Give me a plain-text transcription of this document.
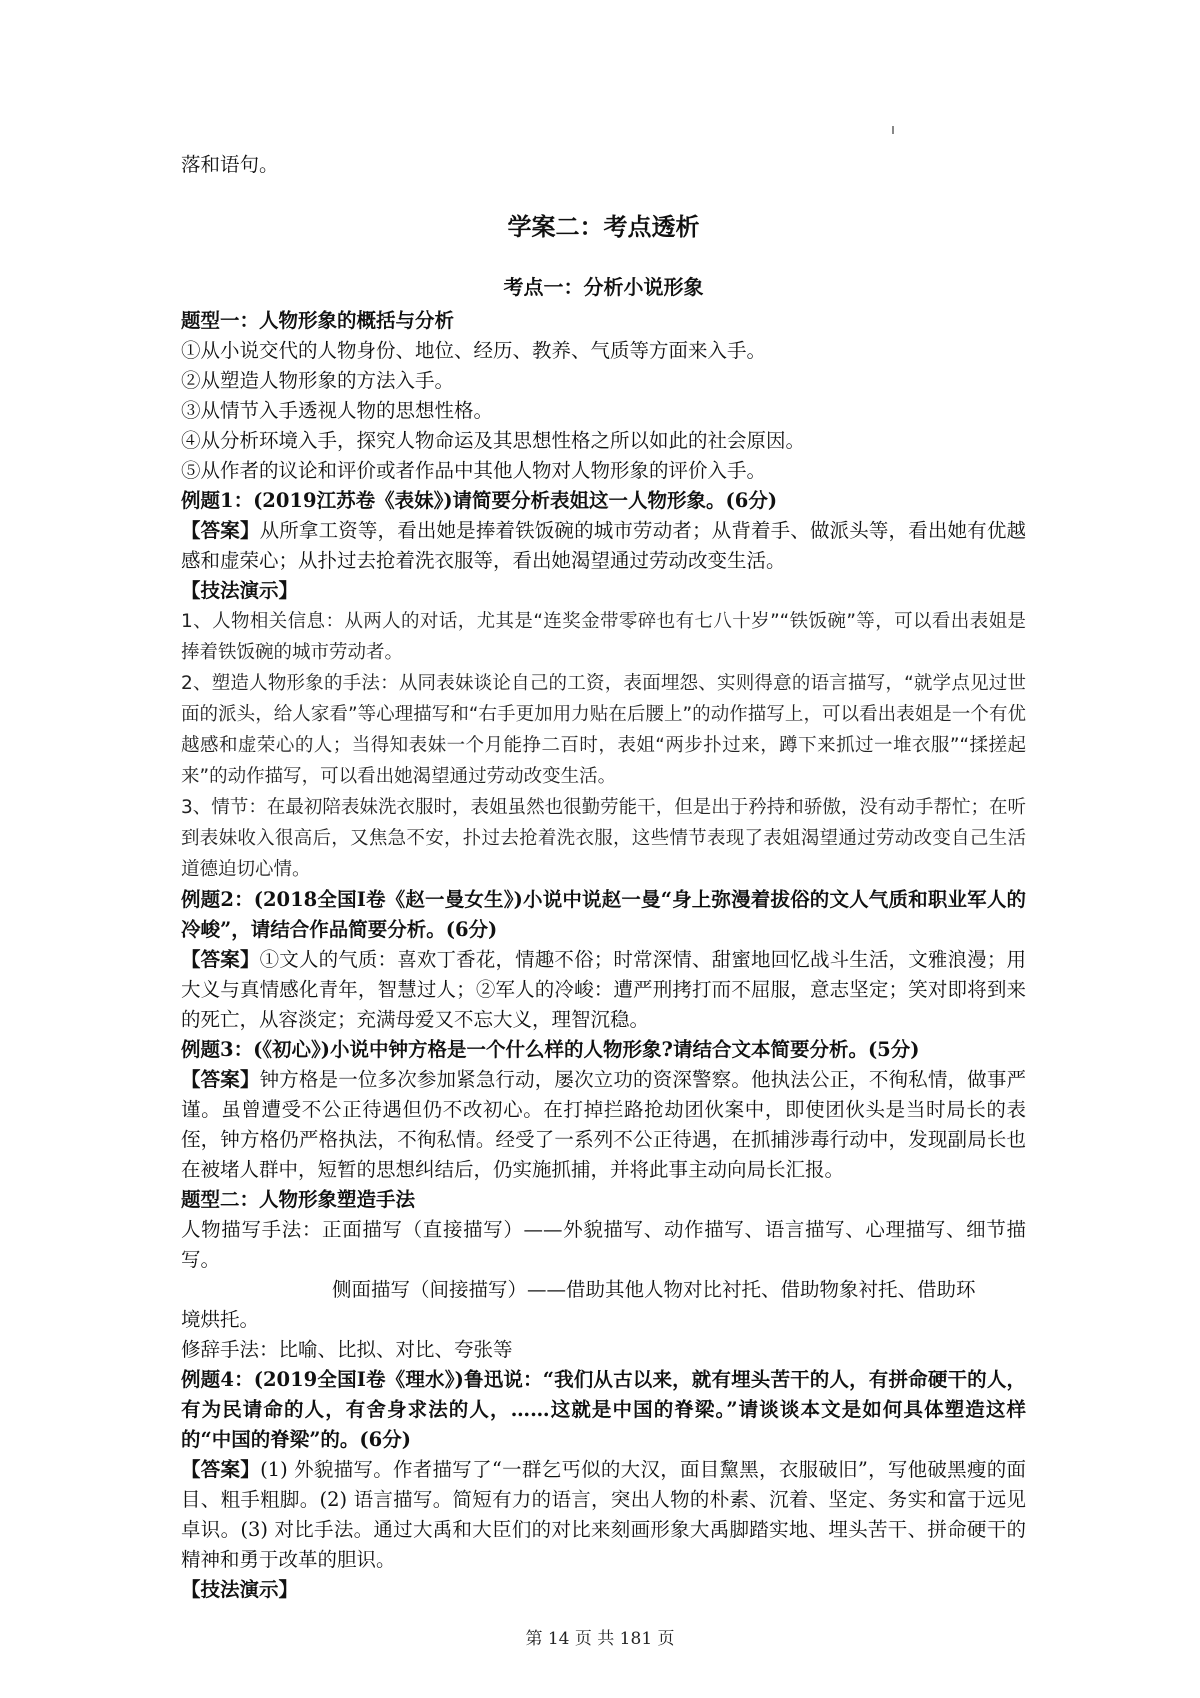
落和语句。

学案二：考点透析
考点一：分析小说形象

题型一：人物形象的概括与分析

①从小说交代的人物身份、地位、经历、教养、气质等方面来入手。

②从塑造人物形象的方法入手。

③从情节入手透视人物的思想性格。

④从分析环境入手，探究人物命运及其思想性格之所以如此的社会原因。

⑤从作者的议论和评价或者作品中其他人物对人物形象的评价入手。

例题1：(2019江苏卷《表妹》)请简要分析表姐这一人物形象。(6分)

【答案】从所拿工资等，看出她是捧着铁饭碗的城市劳动者；从背着手、做派头等，看出她有优越感和虚荣心；从扑过去抢着洗衣服等，看出她渴望通过劳动改变生活。

【技法演示】

1、人物相关信息：从两人的对话，尤其是“连奖金带零碎也有七八十岁”“铁饭碗”等，可以看出表姐是捧着铁饭碗的城市劳动者。

2、塑造人物形象的手法：从同表妹谈论自己的工资，表面埋怨、实则得意的语言描写，“就学点见过世面的派头，给人家看”等心理描写和“右手更加用力贴在后腰上”的动作描写上，可以看出表姐是一个有优越感和虚荣心的人；当得知表妹一个月能挣二百时，表姐“两步扑过来，蹲下来抓过一堆衣服”“揉搓起来”的动作描写，可以看出她渴望通过劳动改变生活。

3、情节：在最初陪表妹洗衣服时，表姐虽然也很勤劳能干，但是出于矜持和骄傲，没有动手帮忙；在听到表妹收入很高后，又焦急不安，扑过去抢着洗衣服，这些情节表现了表姐渴望通过劳动改变自己生活道德迫切心情。

例题2：(2018全国Ⅰ卷《赵一曼女生》)小说中说赵一曼“身上弥漫着拔俗的文人气质和职业军人的冷峻”，请结合作品简要分析。(6分)

【答案】①文人的气质：喜欢丁香花，情趣不俗；时常深情、甜蜜地回忆战斗生活，文雅浪漫；用大义与真情感化青年，智慧过人；②军人的冷峻：遭严刑拷打而不屈服，意志坚定；笑对即将到来的死亡，从容淡定；充满母爱又不忘大义，理智沉稳。

例题3：(《初心》)小说中钟方格是一个什么样的人物形象?请结合文本简要分析。(5分)

【答案】钟方格是一位多次参加紧急行动，屡次立功的资深警察。他执法公正，不徇私情，做事严谨。虽曾遭受不公正待遇但仍不改初心。在打掉拦路抢劫团伙案中，即使团伙头是当时局长的表侄，钟方格仍严格执法，不徇私情。经受了一系列不公正待遇，在抓捕涉毒行动中，发现副局长也在被堵人群中，短暂的思想纠结后，仍实施抓捕，并将此事主动向局长汇报。

题型二：人物形象塑造手法

人物描写手法：正面描写（直接描写）——外貌描写、动作描写、语言描写、心理描写、细节描写。

侧面描写（间接描写）——借助其他人物对比衬托、借助物象衬托、借助环

境烘托。

修辞手法：比喻、比拟、对比、夸张等

例题4：(2019全国Ⅰ卷《理水》)鲁迅说：“我们从古以来，就有埋头苦干的人，有拼命硬干的人，有为民请命的人，有舍身求法的人，……这就是中国的脊梁。”请谈谈本文是如何具体塑造这样的“中国的脊梁”的。(6分)

【答案】(1) 外貌描写。作者描写了“一群乞丐似的大汉，面目黧黑，衣服破旧”，写他破黑瘦的面目、粗手粗脚。(2) 语言描写。简短有力的语言，突出人物的朴素、沉着、坚定、务实和富于远见卓识。(3) 对比手法。通过大禹和大臣们的对比来刻画形象大禹脚踏实地、埋头苦干、拼命硬干的精神和勇于改革的胆识。

【技法演示】

第 14 页 共 181 页
